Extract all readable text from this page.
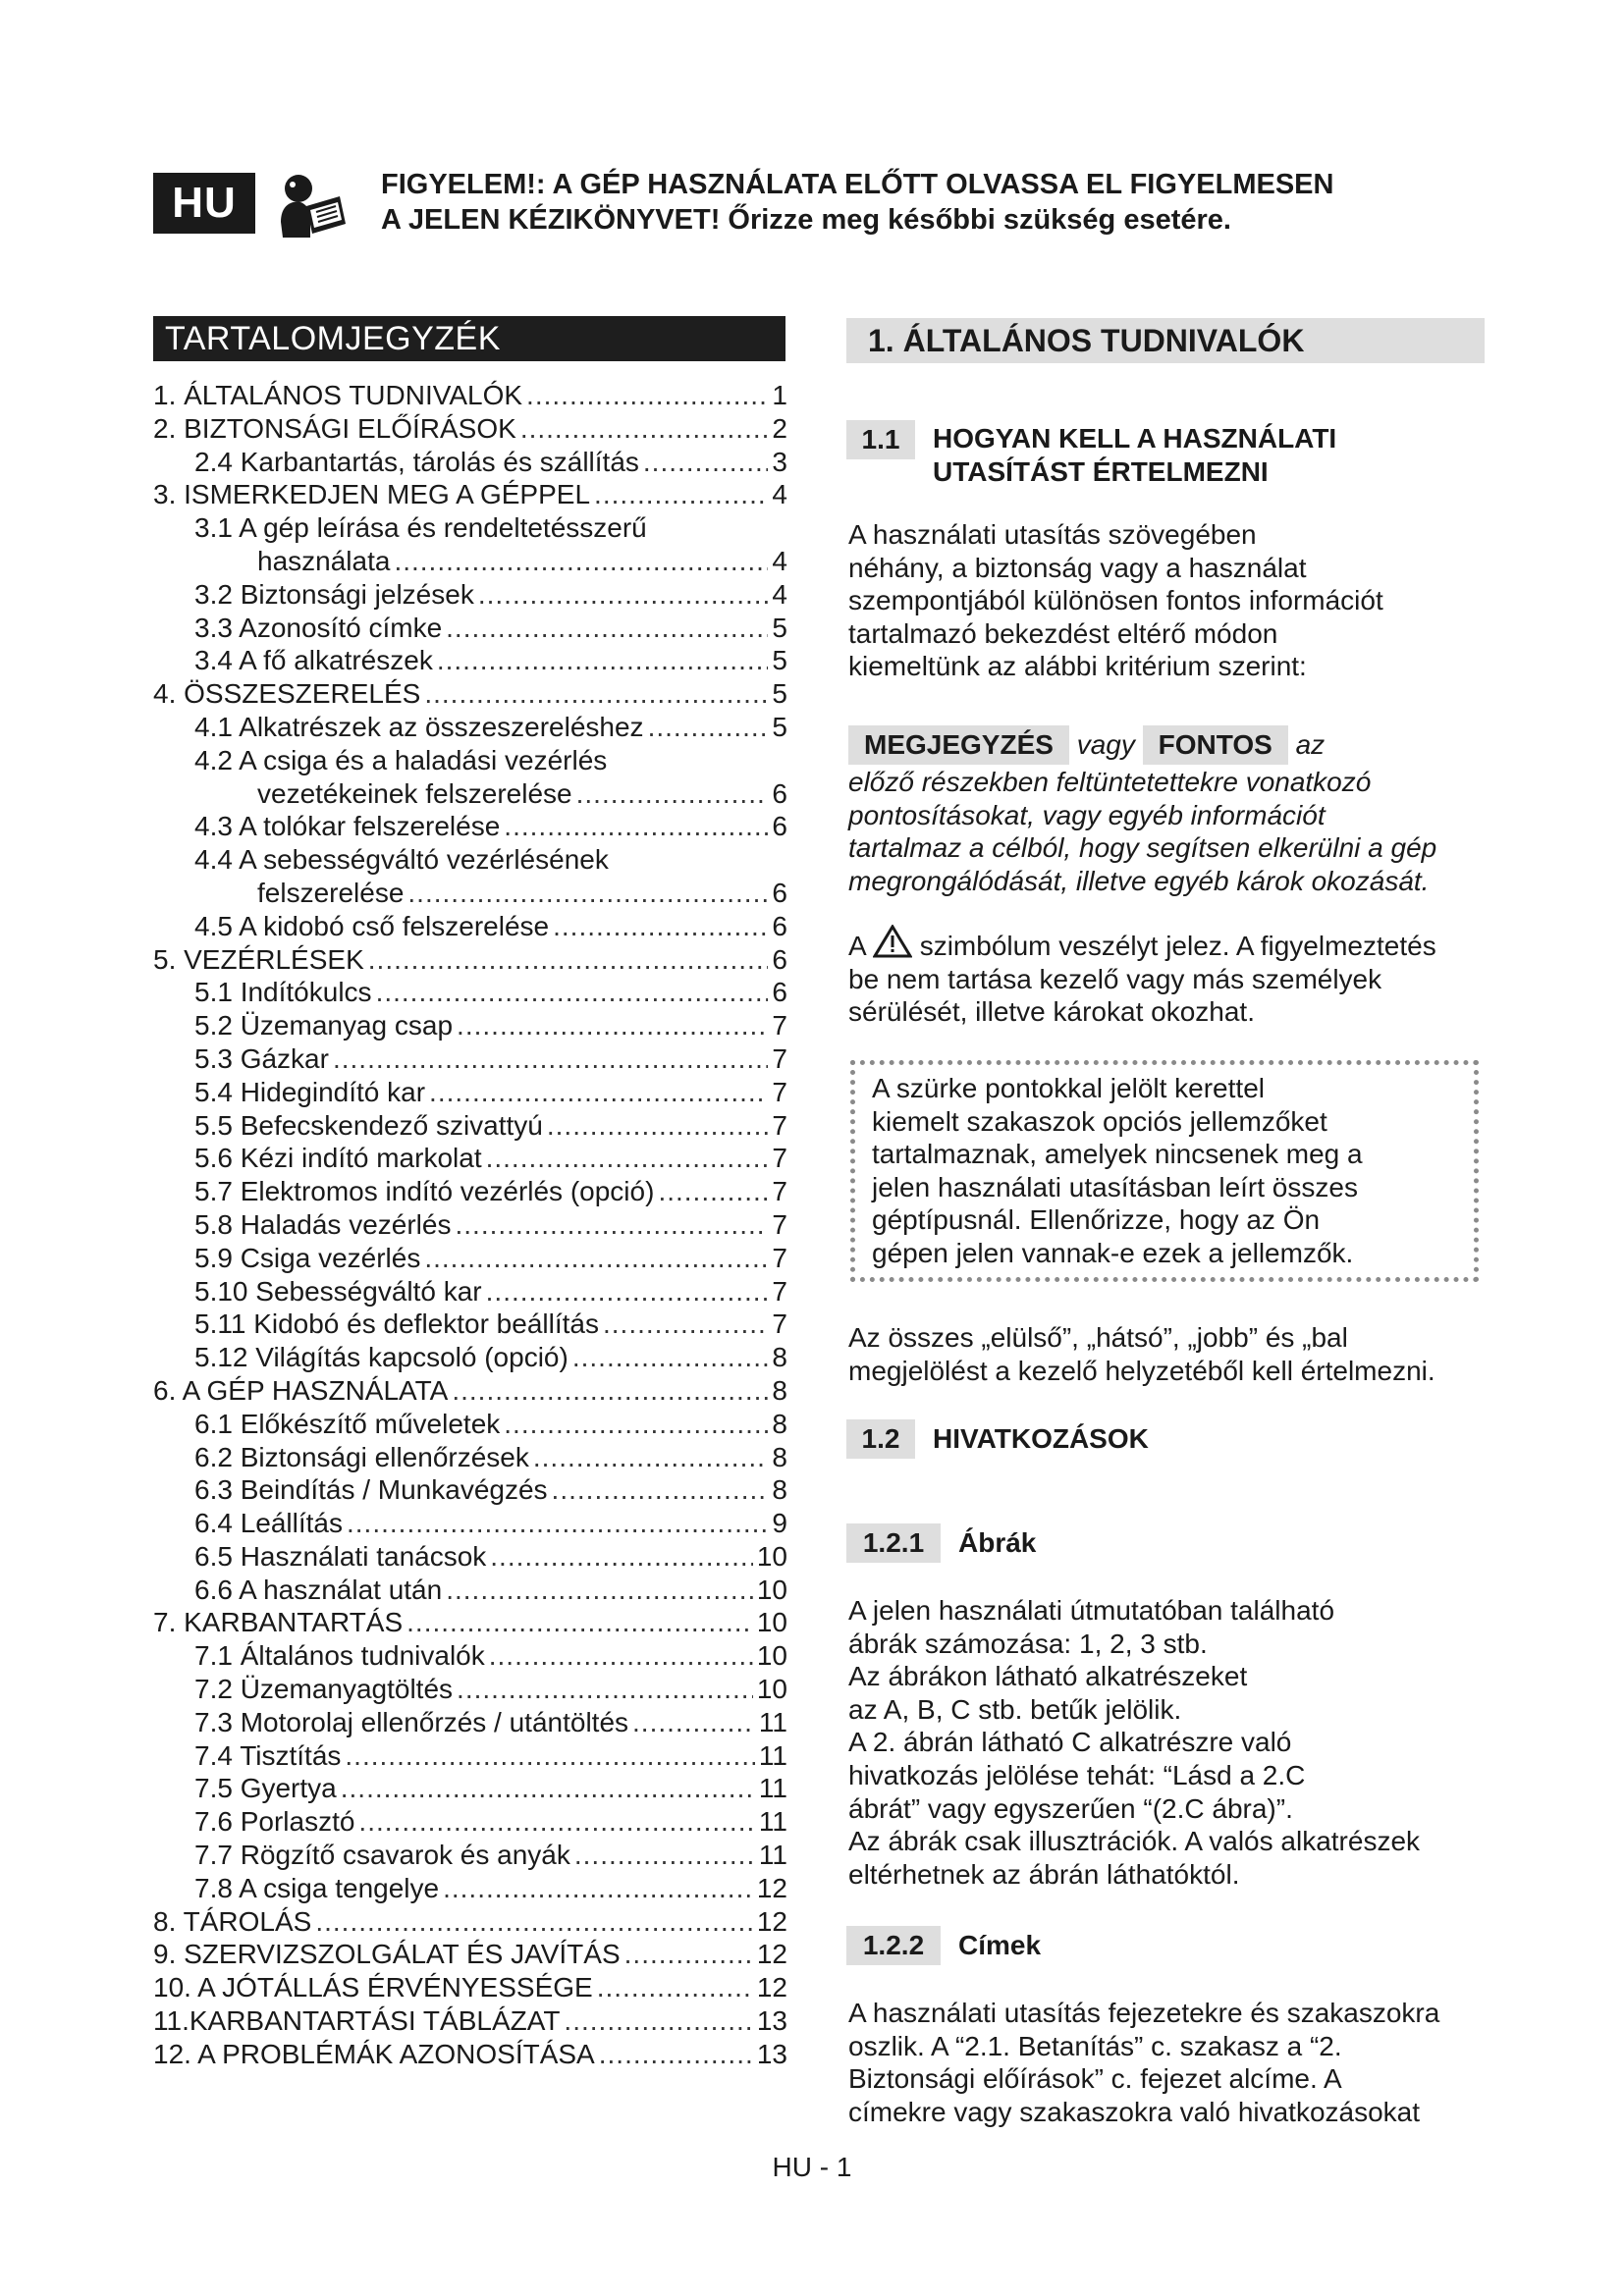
HU	FIGYELEM!: A GÉP HASZNÁLATA ELŐTT OLVASSA EL FIGYELMESEN
A JELEN KÉZIKÖNYVET! Őrizze meg későbbi szükség esetére.
TARTALOMJEGYZÉK
1. ÁLTALÁNOS TUDNIVALÓK .....	1
2. BIZTONSÁGI ELŐÍRÁSOK .....	2
2.4 Karbantartás, tárolás és szállítás .....	3
3. ISMERKEDJEN MEG A GÉPPEL .....	4
3.1 A gép leírása és rendeltetésszerű
használata .....	4
3.2 Biztonsági jelzések .....	4
3.3 Azonosító címke .....	5
3.4 A fő alkatrészek .....	5
4. ÖSSZESZERELÉS .....	5
4.1 Alkatrészek az összeszereléshez .....	5
4.2 A csiga és a haladási vezérlés
vezetékeinek felszerelése .....	6
4.3 A tolókar felszerelése .....	6
4.4 A sebességváltó vezérlésének
felszerelése .....	6
4.5 A kidobó cső felszerelése .....	6
5. VEZÉRLÉSEK .....	6
5.1 Indítókulcs .....	6
5.2 Üzemanyag csap .....	7
5.3 Gázkar .....	7
5.4 Hidegindító kar .....	7
5.5 Befecskendező szivattyú .....	7
5.6 Kézi indító markolat .....	7
5.7 Elektromos indító vezérlés (opció) .....	7
5.8 Haladás vezérlés .....	7
5.9 Csiga vezérlés .....	7
5.10 Sebességváltó kar .....	7
5.11 Kidobó és deflektor beállítás .....	7
5.12 Világítás kapcsoló (opció) .....	8
6. A GÉP HASZNÁLATA .....	8
6.1 Előkészítő műveletek .....	8
6.2 Biztonsági ellenőrzések .....	8
6.3 Beindítás / Munkavégzés .....	8
6.4 Leállítás .....	9
6.5 Használati tanácsok .....	10
6.6 A használat után .....	10
7. KARBANTARTÁS .....	10
7.1 Általános tudnivalók .....	10
7.2 Üzemanyagtöltés .....	10
7.3 Motorolaj ellenőrzés / utántöltés .....	11
7.4 Tisztítás .....	11
7.5 Gyertya .....	11
7.6 Porlasztó .....	11
7.7 Rögzítő csavarok és anyák .....	11
7.8 A csiga tengelye .....	12
8. TÁROLÁS .....	12
9. SZERVIZSZOLGÁLAT ÉS JAVÍTÁS .....	12
10. A JÓTÁLLÁS ÉRVÉNYESSÉGE .....	12
11.KARBANTARTÁSI TÁBLÁZAT .....	13
12. A PROBLÉMÁK AZONOSÍTÁSA .....	13
1. ÁLTALÁNOS TUDNIVALÓK
1.1	HOGYAN KELL A HASZNÁLATI
UTASÍTÁST ÉRTELMEZNI
A használati utasítás szövegében
néhány, a biztonság vagy a használat
szempontjából különösen fontos információt
tartalmazó bekezdést eltérő módon
kiemeltünk az alábbi kritérium szerint:
MEGJEGYZÉS vagy FONTOS az
előző részekben feltüntetettekre vonatkozó
pontosításokat, vagy egyéb információt
tartalmaz a célból, hogy segítsen elkerülni a gép
megrongálódását, illetve egyéb károk okozását.
A szimbólum veszélyt jelez. A figyelmeztetés
be nem tartása kezelő vagy más személyek
sérülését, illetve károkat okozhat.
A szürke pontokkal jelölt kerettel
kiemelt szakaszok opciós jellemzőket
tartalmaznak, amelyek nincsenek meg a
jelen használati utasításban leírt összes
géptípusnál. Ellenőrizze, hogy az Ön
gépen jelen vannak-e ezek a jellemzők.
Az összes „elülső”, „hátsó”, „jobb” és „bal
megjelölést a kezelő helyzetéből kell értelmezni.
1.2	HIVATKOZÁSOK
1.2.1	Ábrák
A jelen használati útmutatóban található
ábrák számozása: 1, 2, 3 stb.
Az ábrákon látható alkatrészeket
az A, B, C stb. betűk jelölik.
A 2. ábrán látható C alkatrészre való
hivatkozás jelölése tehát: “Lásd a 2.C
ábrát” vagy egyszerűen “(2.C ábra)”.
Az ábrák csak illusztrációk. A valós alkatrészek
eltérhetnek az ábrán láthatóktól.
1.2.2	Címek
A használati utasítás fejezetekre és szakaszokra
oszlik. A “2.1. Betanítás” c. szakasz a “2.
Biztonsági előírások” c. fejezet alcíme. A
címekre vagy szakaszokra való hivatkozásokat
HU - 1
